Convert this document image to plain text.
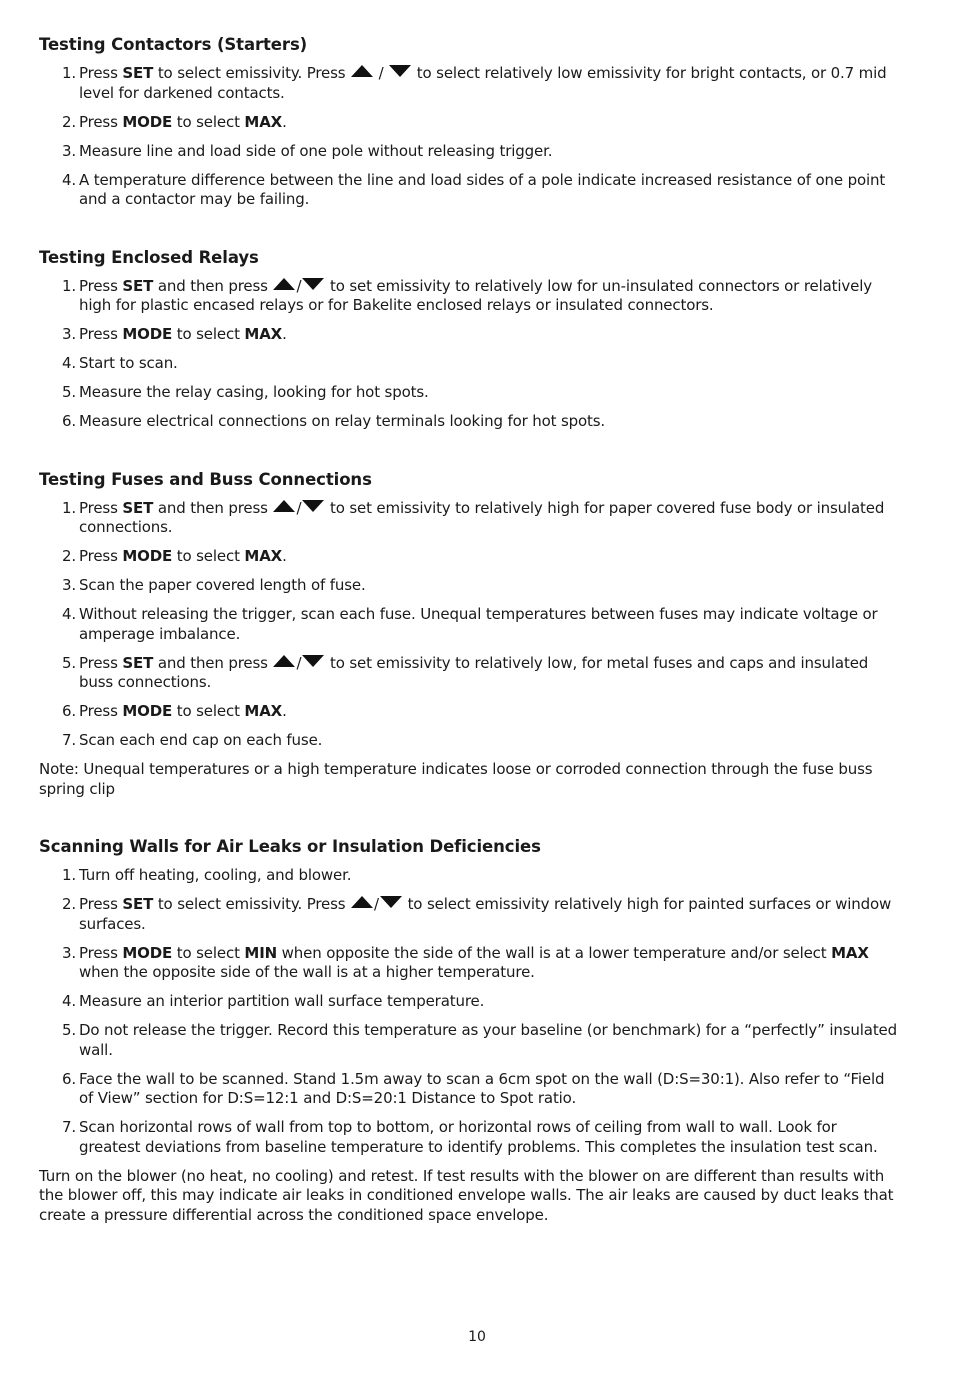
Testing Contactors (Starters)
1. Press SET to select emissivity. Press  /  to select relatively low emissivity for bright contacts, or 0.7 mid level for darkened contacts.
2. Press MODE to select MAX.
3. Measure line and load side of one pole without releasing trigger.
4. A temperature difference between the line and load sides of a pole indicate increased resistance of one point and a contactor may be failing.
Testing Enclosed Relays
1. Press SET and then press / to set emissivity to relatively low for un-insulated connectors or relatively high for plastic encased relays or for Bakelite enclosed relays or insulated connectors.
3. Press MODE to select MAX.
4. Start to scan.
5. Measure the relay casing, looking for hot spots.
6. Measure electrical connections on relay terminals looking for hot spots.
Testing Fuses and Buss Connections
1. Press SET and then press / to set emissivity to relatively high for paper covered fuse body or insulated connections.
2. Press MODE to select MAX.
3. Scan the paper covered length of fuse.
4. Without releasing the trigger, scan each fuse. Unequal temperatures between fuses may indicate voltage or amperage imbalance.
5. Press SET and then press / to set emissivity to relatively low, for metal fuses and caps and insulated buss connections.
6. Press MODE to select MAX.
7. Scan each end cap on each fuse.

Note: Unequal temperatures or a high temperature indicates loose or corroded connection through the fuse buss spring clip

Scanning Walls for Air Leaks or Insulation Deficiencies
1. Turn off heating, cooling, and blower.
2. Press SET to select emissivity. Press / to select emissivity relatively high for painted surfaces or window surfaces.
3. Press MODE to select MIN when opposite the side of the wall is at a lower temperature and/or select MAX when the opposite side of the wall is at a higher temperature.
4. Measure an interior partition wall surface temperature.
5. Do not release the trigger. Record this temperature as your baseline (or benchmark) for a “perfectly” insulated wall.
6. Face the wall to be scanned. Stand 1.5m away to scan a 6cm spot on the wall (D:S=30:1). Also refer to “Field of View” section for D:S=12:1 and D:S=20:1 Distance to Spot ratio.
7. Scan horizontal rows of wall from top to bottom, or horizontal rows of ceiling from wall to wall. Look for greatest deviations from baseline temperature to identify problems. This completes the insulation test scan.

Turn on the blower (no heat, no cooling) and retest. If test results with the blower on are different than results with the blower off, this may indicate air leaks in conditioned envelope walls. The air leaks are caused by duct leaks that create a pressure differential across the conditioned space envelope.

10
